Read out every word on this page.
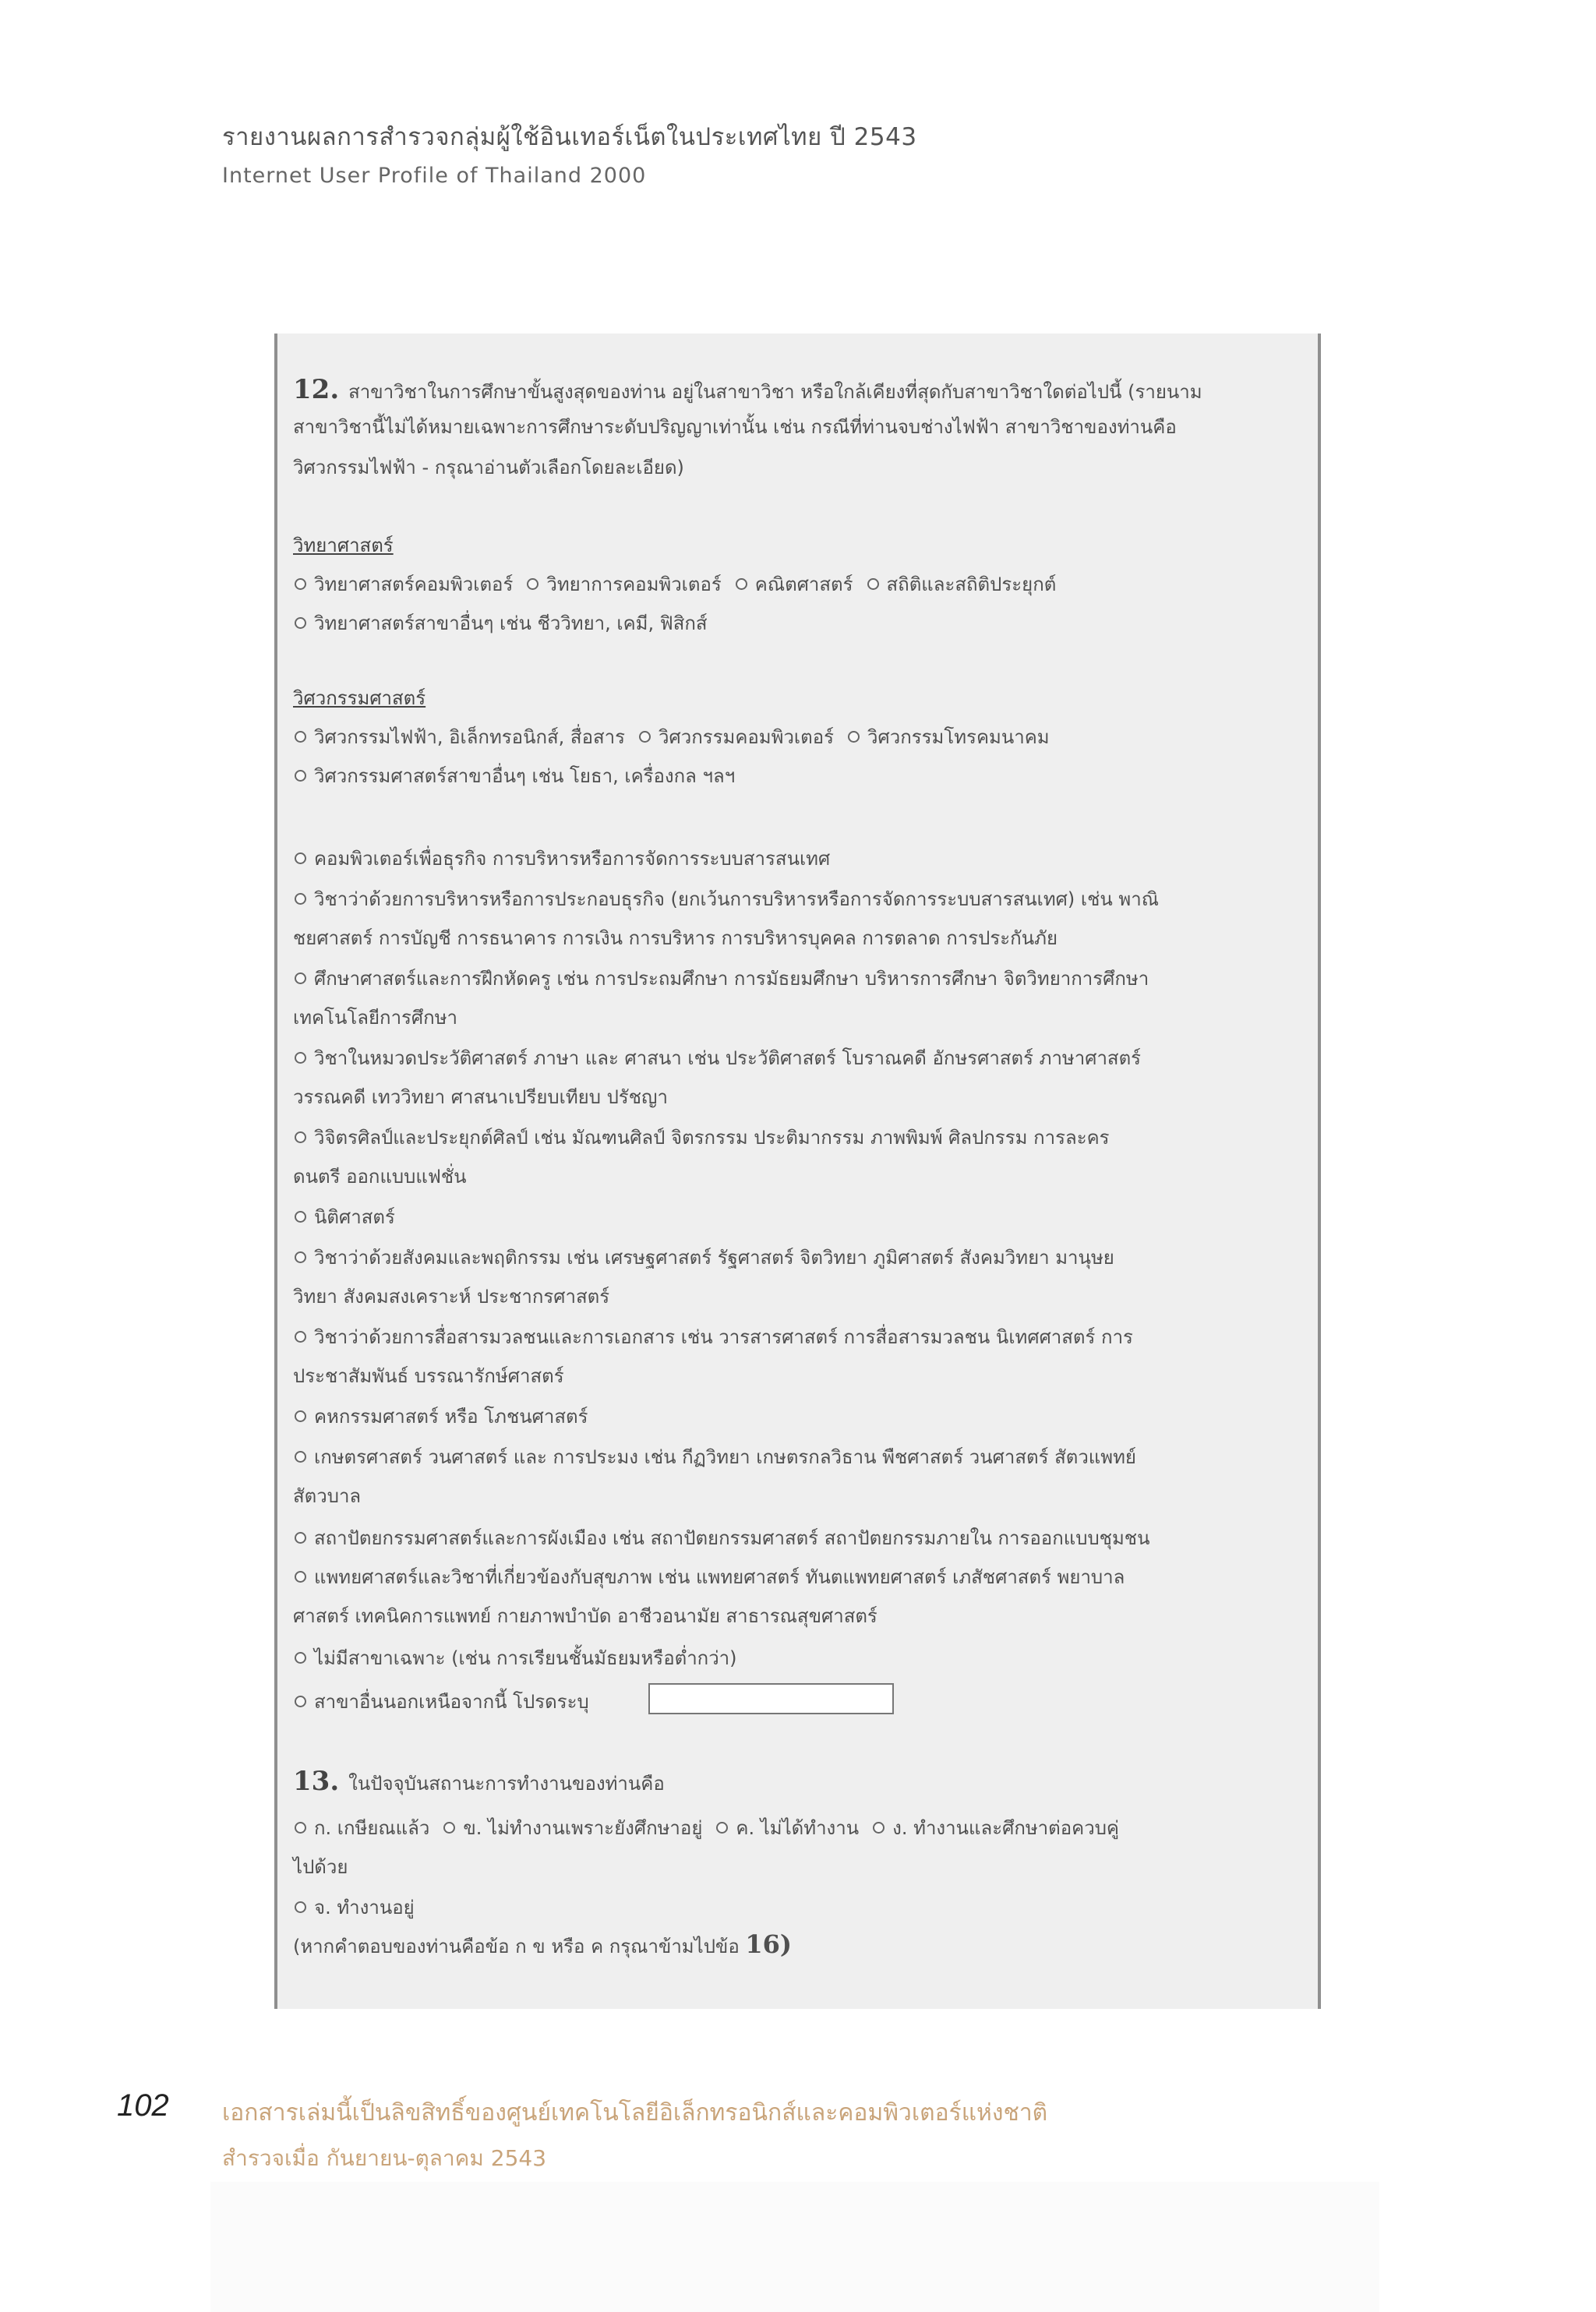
รายงานผลการสำรวจกลุ่มผู้ใช้อินเทอร์เน็ตในประเทศไทย ปี 2543
Internet User Profile of Thailand 2000
12. สาขาวิชาในการศึกษาขั้นสูงสุดของท่าน อยู่ในสาขาวิชา หรือใกล้เคียงที่สุดกับสาขาวิชาใดต่อไปนี้ (รายนาม
สาขาวิชานี้ไม่ได้หมายเฉพาะการศึกษาระดับปริญญาเท่านั้น เช่น กรณีที่ท่านจบช่างไฟฟ้า สาขาวิชาของท่านคือ
วิศวกรรมไฟฟ้า - กรุณาอ่านตัวเลือกโดยละเอียด)
วิทยาศาสตร์
วิทยาศาสตร์คอมพิวเตอร์ วิทยาการคอมพิวเตอร์ คณิตศาสตร์ สถิติและสถิติประยุกต์
วิทยาศาสตร์สาขาอื่นๆ เช่น ชีววิทยา, เคมี, ฟิสิกส์
วิศวกรรมศาสตร์
วิศวกรรมไฟฟ้า, อิเล็กทรอนิกส์, สื่อสาร วิศวกรรมคอมพิวเตอร์ วิศวกรรมโทรคมนาคม
วิศวกรรมศาสตร์สาขาอื่นๆ เช่น โยธา, เครื่องกล ฯลฯ
คอมพิวเตอร์เพื่อธุรกิจ การบริหารหรือการจัดการระบบสารสนเทศ
วิชาว่าด้วยการบริหารหรือการประกอบธุรกิจ (ยกเว้นการบริหารหรือการจัดการระบบสารสนเทศ) เช่น พาณิ
ชยศาสตร์ การบัญชี การธนาคาร การเงิน การบริหาร การบริหารบุคคล การตลาด การประกันภัย
ศึกษาศาสตร์และการฝึกหัดครู เช่น การประถมศึกษา การมัธยมศึกษา บริหารการศึกษา จิตวิทยาการศึกษา
เทคโนโลยีการศึกษา
วิชาในหมวดประวัติศาสตร์ ภาษา และ ศาสนา เช่น ประวัติศาสตร์ โบราณคดี อักษรศาสตร์ ภาษาศาสตร์
วรรณคดี เทววิทยา ศาสนาเปรียบเทียบ ปรัชญา
วิจิตรศิลป์และประยุกต์ศิลป์ เช่น มัณฑนศิลป์ จิตรกรรม ประติมากรรม ภาพพิมพ์ ศิลปกรรม การละคร
ดนตรี ออกแบบแฟชั่น
นิติศาสตร์
วิชาว่าด้วยสังคมและพฤติกรรม เช่น เศรษฐศาสตร์ รัฐศาสตร์ จิตวิทยา ภูมิศาสตร์ สังคมวิทยา มานุษย
วิทยา สังคมสงเคราะห์ ประชากรศาสตร์
วิชาว่าด้วยการสื่อสารมวลชนและการเอกสาร เช่น วารสารศาสตร์ การสื่อสารมวลชน นิเทศศาสตร์ การ
ประชาสัมพันธ์ บรรณารักษ์ศาสตร์
คหกรรมศาสตร์ หรือ โภชนศาสตร์
เกษตรศาสตร์ วนศาสตร์ และ การประมง เช่น กีฏวิทยา เกษตรกลวิธาน พืชศาสตร์ วนศาสตร์ สัตวแพทย์
สัตวบาล
สถาปัตยกรรมศาสตร์และการผังเมือง เช่น สถาปัตยกรรมศาสตร์ สถาปัตยกรรมภายใน การออกแบบชุมชน
แพทยศาสตร์และวิชาที่เกี่ยวข้องกับสุขภาพ เช่น แพทยศาสตร์ ทันตแพทยศาสตร์ เภสัชศาสตร์ พยาบาล
ศาสตร์ เทคนิคการแพทย์ กายภาพบำบัด อาชีวอนามัย สาธารณสุขศาสตร์
ไม่มีสาขาเฉพาะ (เช่น การเรียนชั้นมัธยมหรือต่ำกว่า)
สาขาอื่นนอกเหนือจากนี้ โปรดระบุ
13. ในปัจจุบันสถานะการทำงานของท่านคือ
ก. เกษียณแล้ว ข. ไม่ทำงานเพราะยังศึกษาอยู่ ค. ไม่ได้ทำงาน ง. ทำงานและศึกษาต่อควบคู่
ไปด้วย
จ. ทำงานอยู่
(หากคำตอบของท่านคือข้อ ก ข หรือ ค กรุณาข้ามไปข้อ 16)
102 เอกสารเล่มนี้เป็นลิขสิทธิ์ของศูนย์เทคโนโลยีอิเล็กทรอนิกส์และคอมพิวเตอร์แห่งชาติ
สำรวจเมื่อ กันยายน-ตุลาคม 2543
